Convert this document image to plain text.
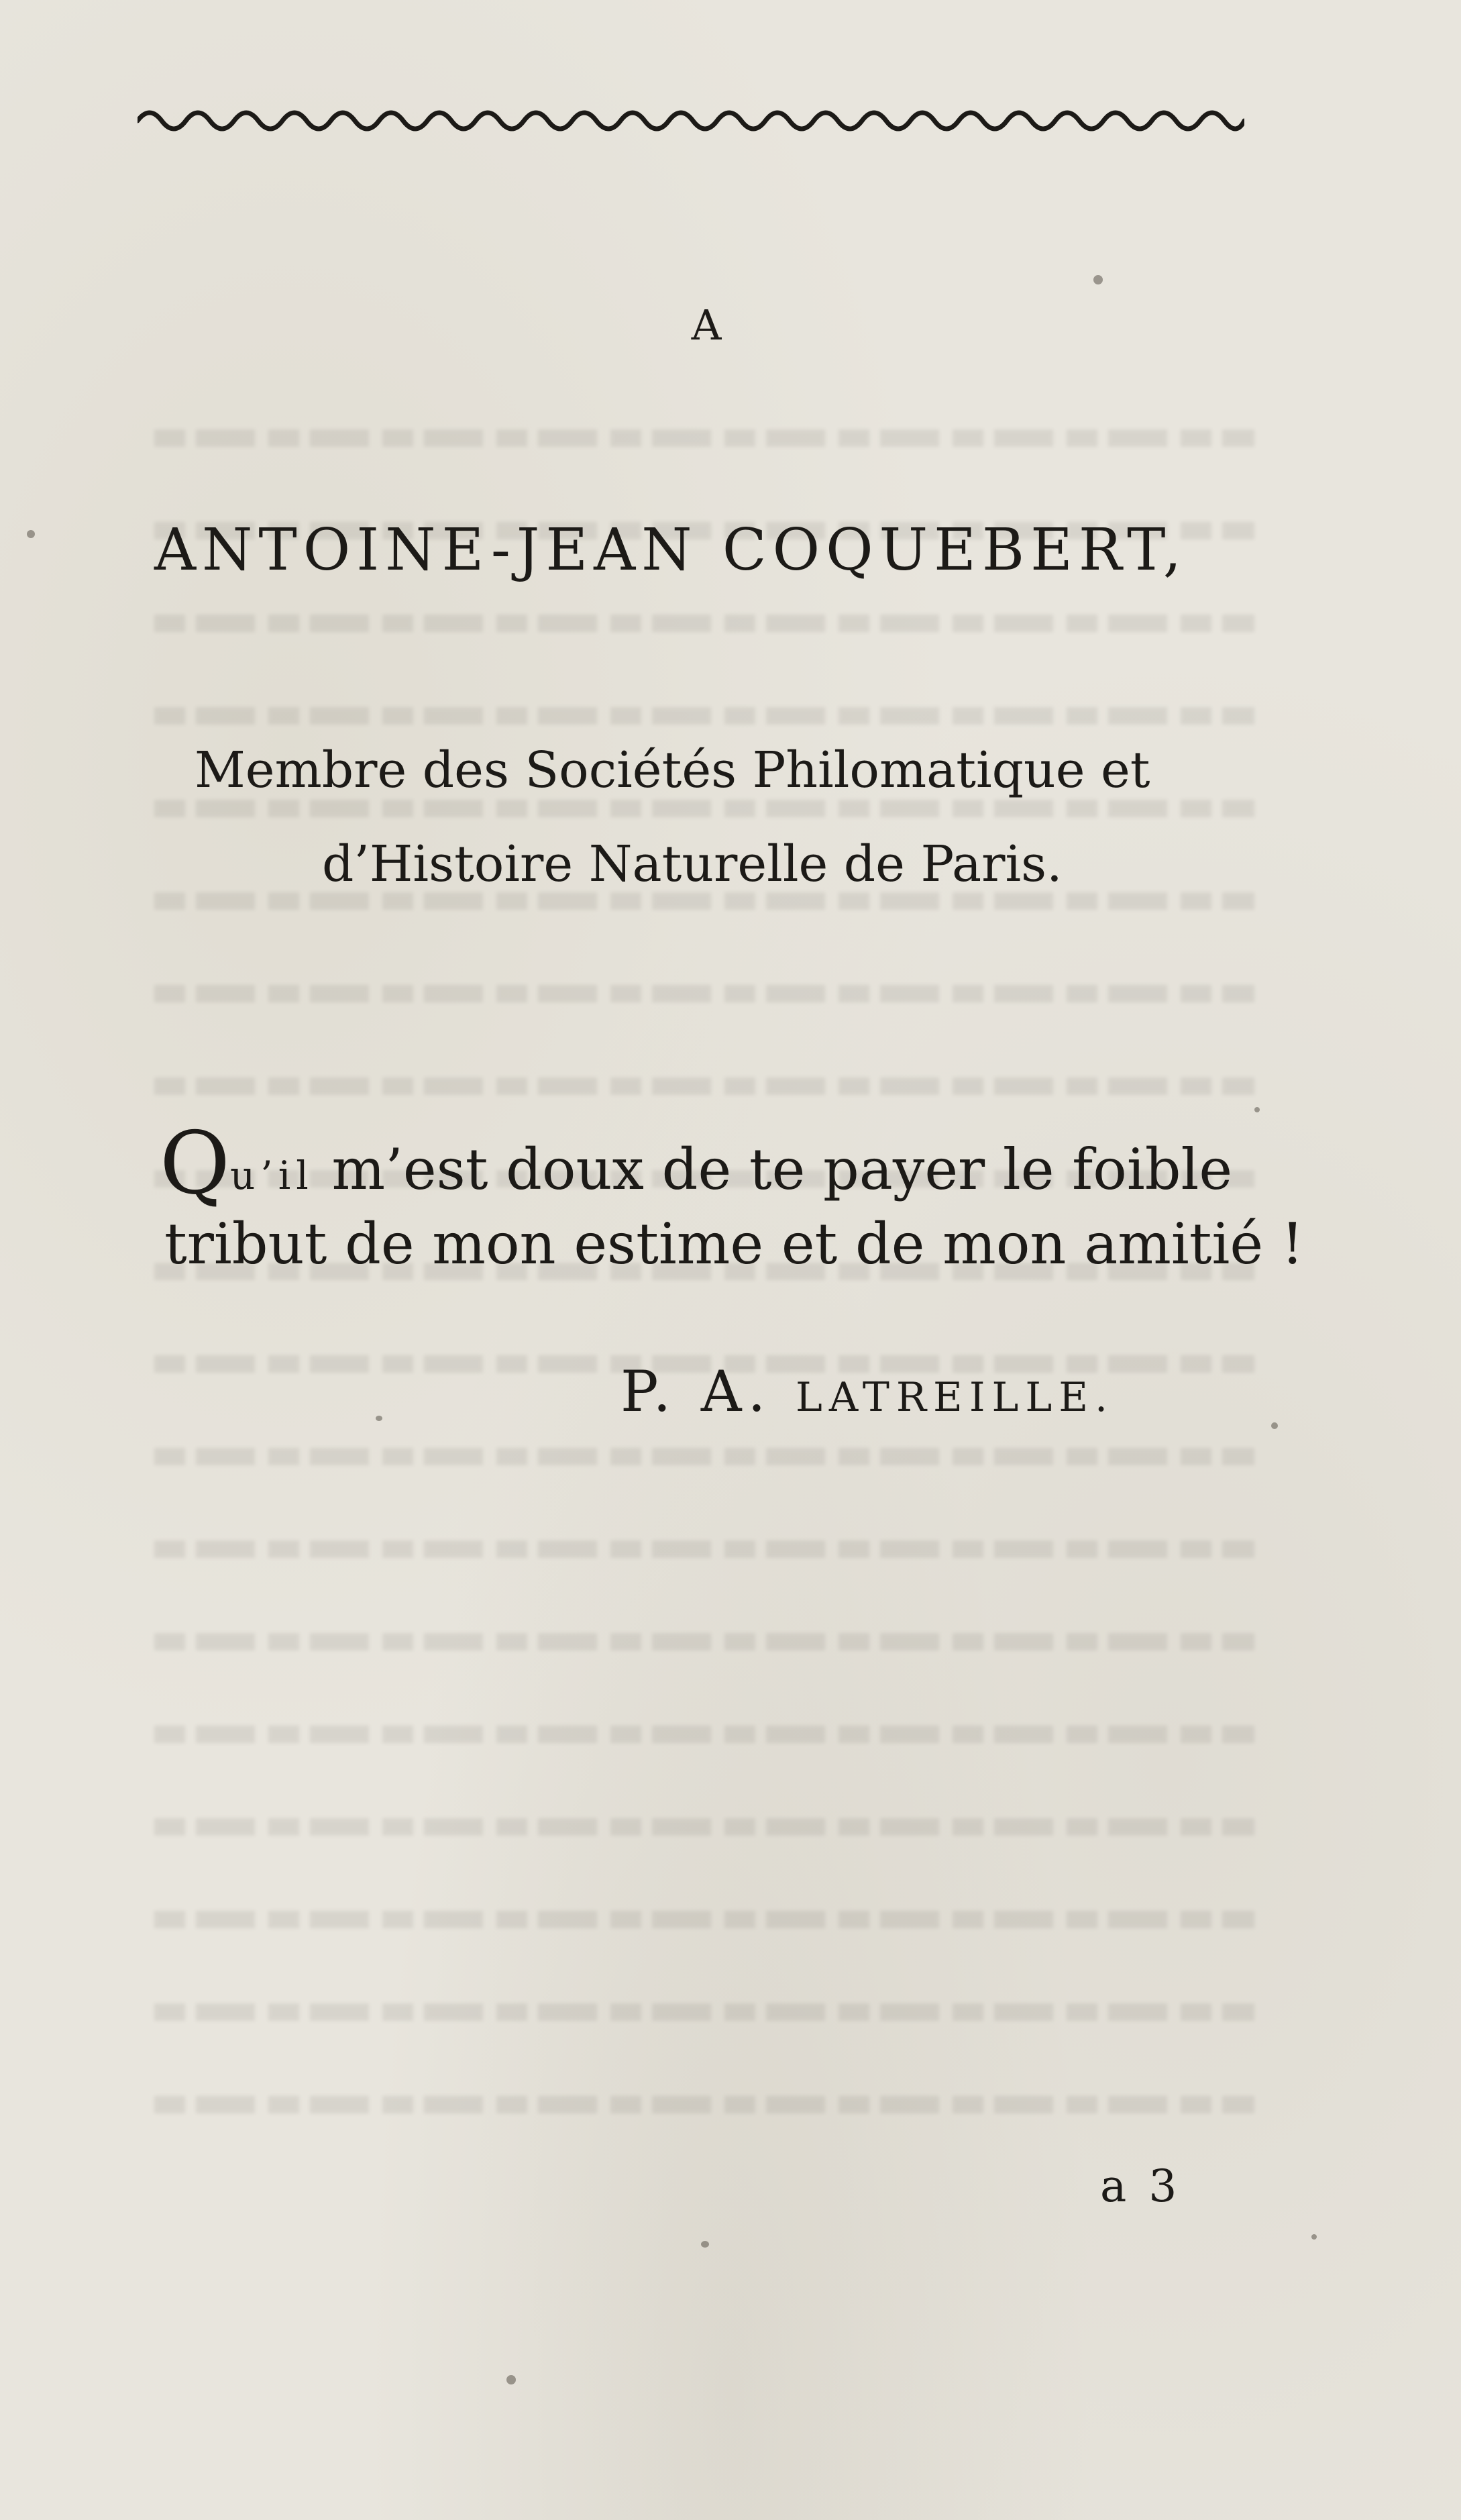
A
ANTOINE-JEAN COQUEBERT,
Membre des Sociétés Philomatique et
d’Histoire Naturelle de Paris.
Qu’il m’est doux de te payer le foible
tribut de mon estime et de mon amitié !
P. A. LATREILLE.
a 3
